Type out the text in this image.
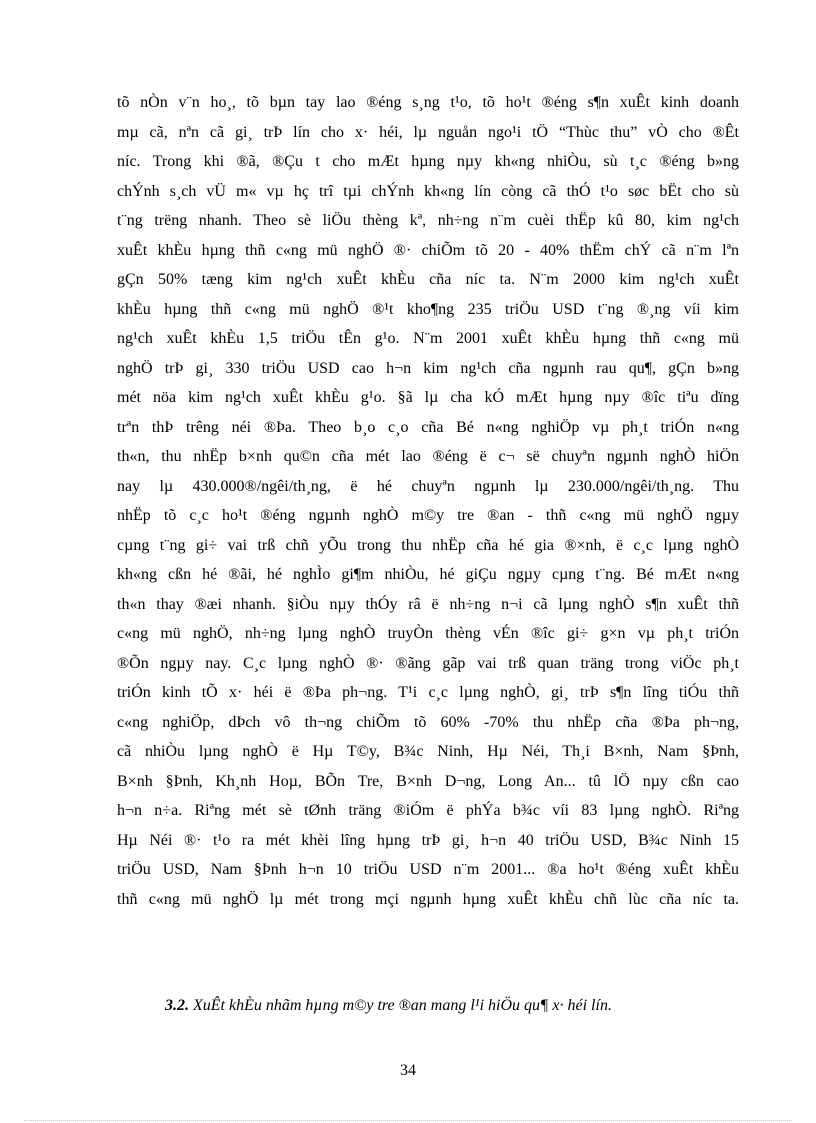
tõ nÒn v¨n ho¸, tõ bµn tay lao ®éng s¸ng t¹o, tõ ho¹t ®éng s¶n xuÊt kinh doanh
mµ cã, nªn cã gi¸ trÞ lín cho x· héi, lµ nguån ngo¹i tÖ “Thùc thu” vÒ cho ®Êt
níc. Trong khi ®ã, ®Çu t cho mÆt hµng nµy kh«ng nhiÒu, sù t¸c ®éng b»ng
chÝnh s¸ch vÜ m« vµ hç trî tµi chÝnh kh«ng lín còng cã thÓ t¹o søc bËt cho sù
t¨ng trëng nhanh. Theo sè liÖu thèng kª, nh÷ng n¨m cuèi thËp kû 80, kim ng¹ch
xuÊt khÈu hµng thñ c«ng mü nghÖ ®· chiÕm tõ 20 - 40% thËm chÝ cã n¨m lªn
gÇn 50% tæng kim ng¹ch xuÊt khÈu cña níc ta. N¨m 2000 kim ng¹ch xuÊt
khÈu hµng thñ c«ng mü nghÖ ®¹t kho¶ng 235 triÖu USD t¨ng ®¸ng víi kim
ng¹ch xuÊt khÈu 1,5 triÖu tÊn g¹o. N¨m 2001 xuÊt khÈu hµng thñ c«ng mü
nghÖ trÞ gi¸ 330 triÖu USD cao h¬n kim ng¹ch cña ngµnh rau qu¶, gÇn b»ng
mét nöa kim ng¹ch xuÊt khÈu g¹o. §ã lµ cha kÓ mÆt hµng nµy ®îc tiªu dïng
trªn thÞ trêng néi ®Þa. Theo b¸o c¸o cña Bé n«ng nghiÖp vµ ph¸t triÓn n«ng
th«n, thu nhËp b×nh qu©n cña mét lao ®éng ë c¬ së chuyªn ngµnh nghÒ hiÖn
nay lµ 430.000®/ngêi/th¸ng, ë hé chuyªn ngµnh lµ 230.000/ngêi/th¸ng. Thu
nhËp tõ c¸c ho¹t ®éng ngµnh nghÒ m©y tre ®an - thñ c«ng mü nghÖ ngµy
cµng t¨ng gi÷ vai trß chñ yÕu trong thu nhËp cña hé gia ®×nh, ë c¸c lµng nghÒ
kh«ng cßn hé ®ãi, hé nghÌo gi¶m nhiÒu, hé giÇu ngµy cµng t¨ng. Bé mÆt n«ng
th«n thay ®æi nhanh. §iÒu nµy thÓy râ ë nh÷ng n¬i cã lµng nghÒ s¶n xuÊt thñ
c«ng mü nghÖ, nh÷ng lµng nghÒ truyÒn thèng vÉn ®îc gi÷ g×n vµ ph¸t triÓn
®Õn ngµy nay. C¸c lµng nghÒ ®· ®ãng gãp vai trß quan träng trong viÖc ph¸t
triÓn kinh tÕ x· héi ë ®Þa ph¬ng. T¹i c¸c lµng nghÒ, gi¸ trÞ s¶n lîng tiÓu thñ
c«ng nghiÖp, dÞch vô th¬ng chiÕm tõ 60% -70% thu nhËp cña ®Þa ph¬ng,
cã nhiÒu lµng nghÒ ë Hµ T©y, B¾c Ninh, Hµ Néi, Th¸i B×nh, Nam §Þnh,
B×nh §Þnh, Kh¸nh Hoµ, BÕn Tre, B×nh D¬ng, Long An... tû lÖ nµy cßn cao
h¬n n÷a. Riªng mét sè tØnh träng ®iÓm ë phÝa b¾c víi 83 lµng nghÒ. Riªng
Hµ Néi ®· t¹o ra mét khèi lîng hµng trÞ gi¸ h¬n 40 triÖu USD, B¾c Ninh 15
triÖu USD, Nam §Þnh h¬n 10 triÖu USD n¨m 2001... ®a ho¹t ®éng xuÊt khÈu
thñ c«ng mü nghÖ lµ mét trong mçi ngµnh hµng xuÊt khÈu chñ lùc cña níc ta.
3.2. XuÊt khÈu nhãm hµng m©y tre ®an mang l¹i hiÖu qu¶ x· héi lín.
34
